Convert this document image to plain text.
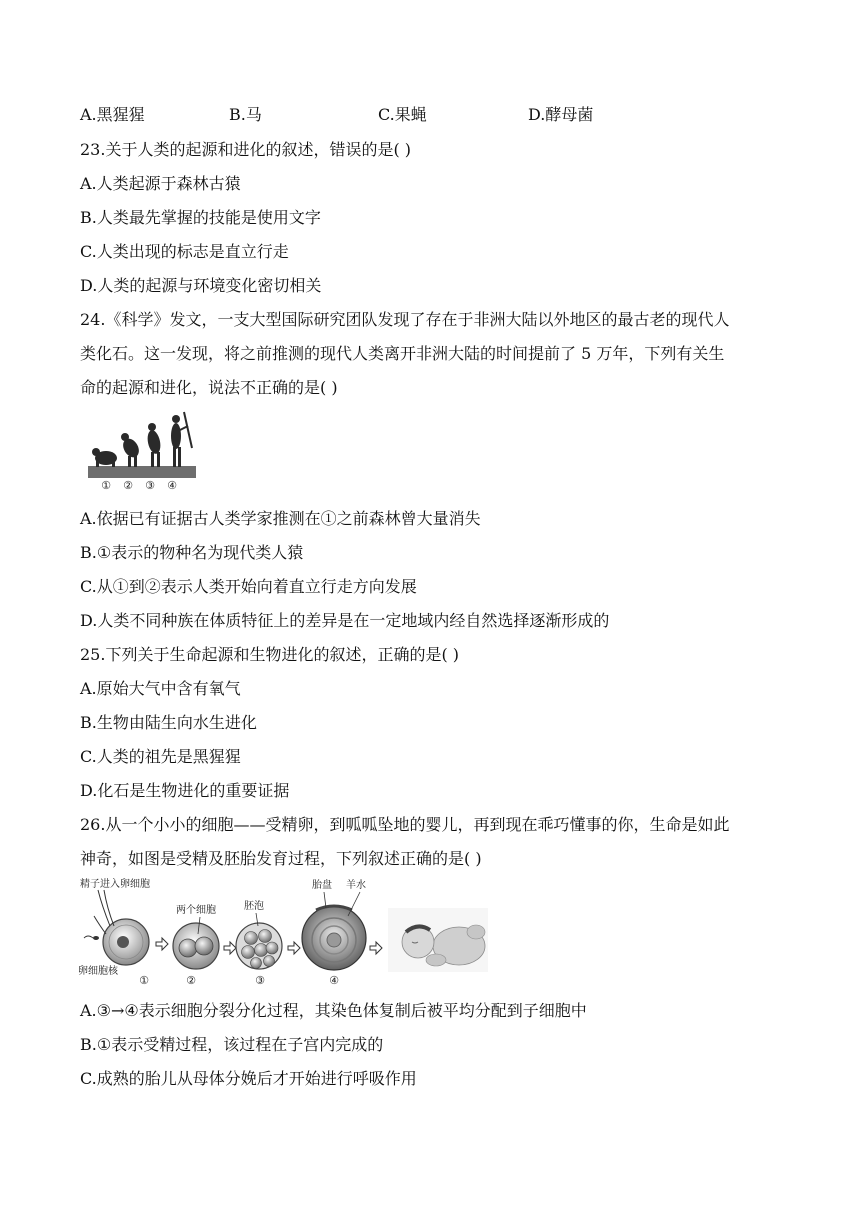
A.黑猩猩	B.马	C.果蝇	D.酵母菌
23.关于人类的起源和进化的叙述，错误的是( )
A.人类起源于森林古猿
B.人类最先掌握的技能是使用文字
C.人类出现的标志是直立行走
D.人类的起源与环境变化密切相关
24.《科学》发文，一支大型国际研究团队发现了存在于非洲大陆以外地区的最古老的现代人
类化石。这一发现，将之前推测的现代人类离开非洲大陆的时间提前了 5 万年，下列有关生
命的起源和进化，说法不正确的是( )
① ② ③ ④
A.依据已有证据古人类学家推测在①之前森林曾大量消失
B.①表示的物种名为现代类人猿
C.从①到②表示人类开始向着直立行走方向发展
D.人类不同种族在体质特征上的差异是在一定地域内经自然选择逐渐形成的
25.下列关于生命起源和生物进化的叙述，正确的是( )
A.原始大气中含有氧气
B.生物由陆生向水生进化
C.人类的祖先是黑猩猩
D.化石是生物进化的重要证据
26.从一个小小的细胞——受精卵，到呱呱坠地的婴儿，再到现在乖巧懂事的你，生命是如此
神奇，如图是受精及胚胎发育过程，下列叙述正确的是( )
精子进入卵细胞
卵细胞核
①
两个细胞
②
胚泡
③
胎盘 羊水
④
A.③→④表示细胞分裂分化过程，其染色体复制后被平均分配到子细胞中
B.①表示受精过程，该过程在子宫内完成的
C.成熟的胎儿从母体分娩后才开始进行呼吸作用
